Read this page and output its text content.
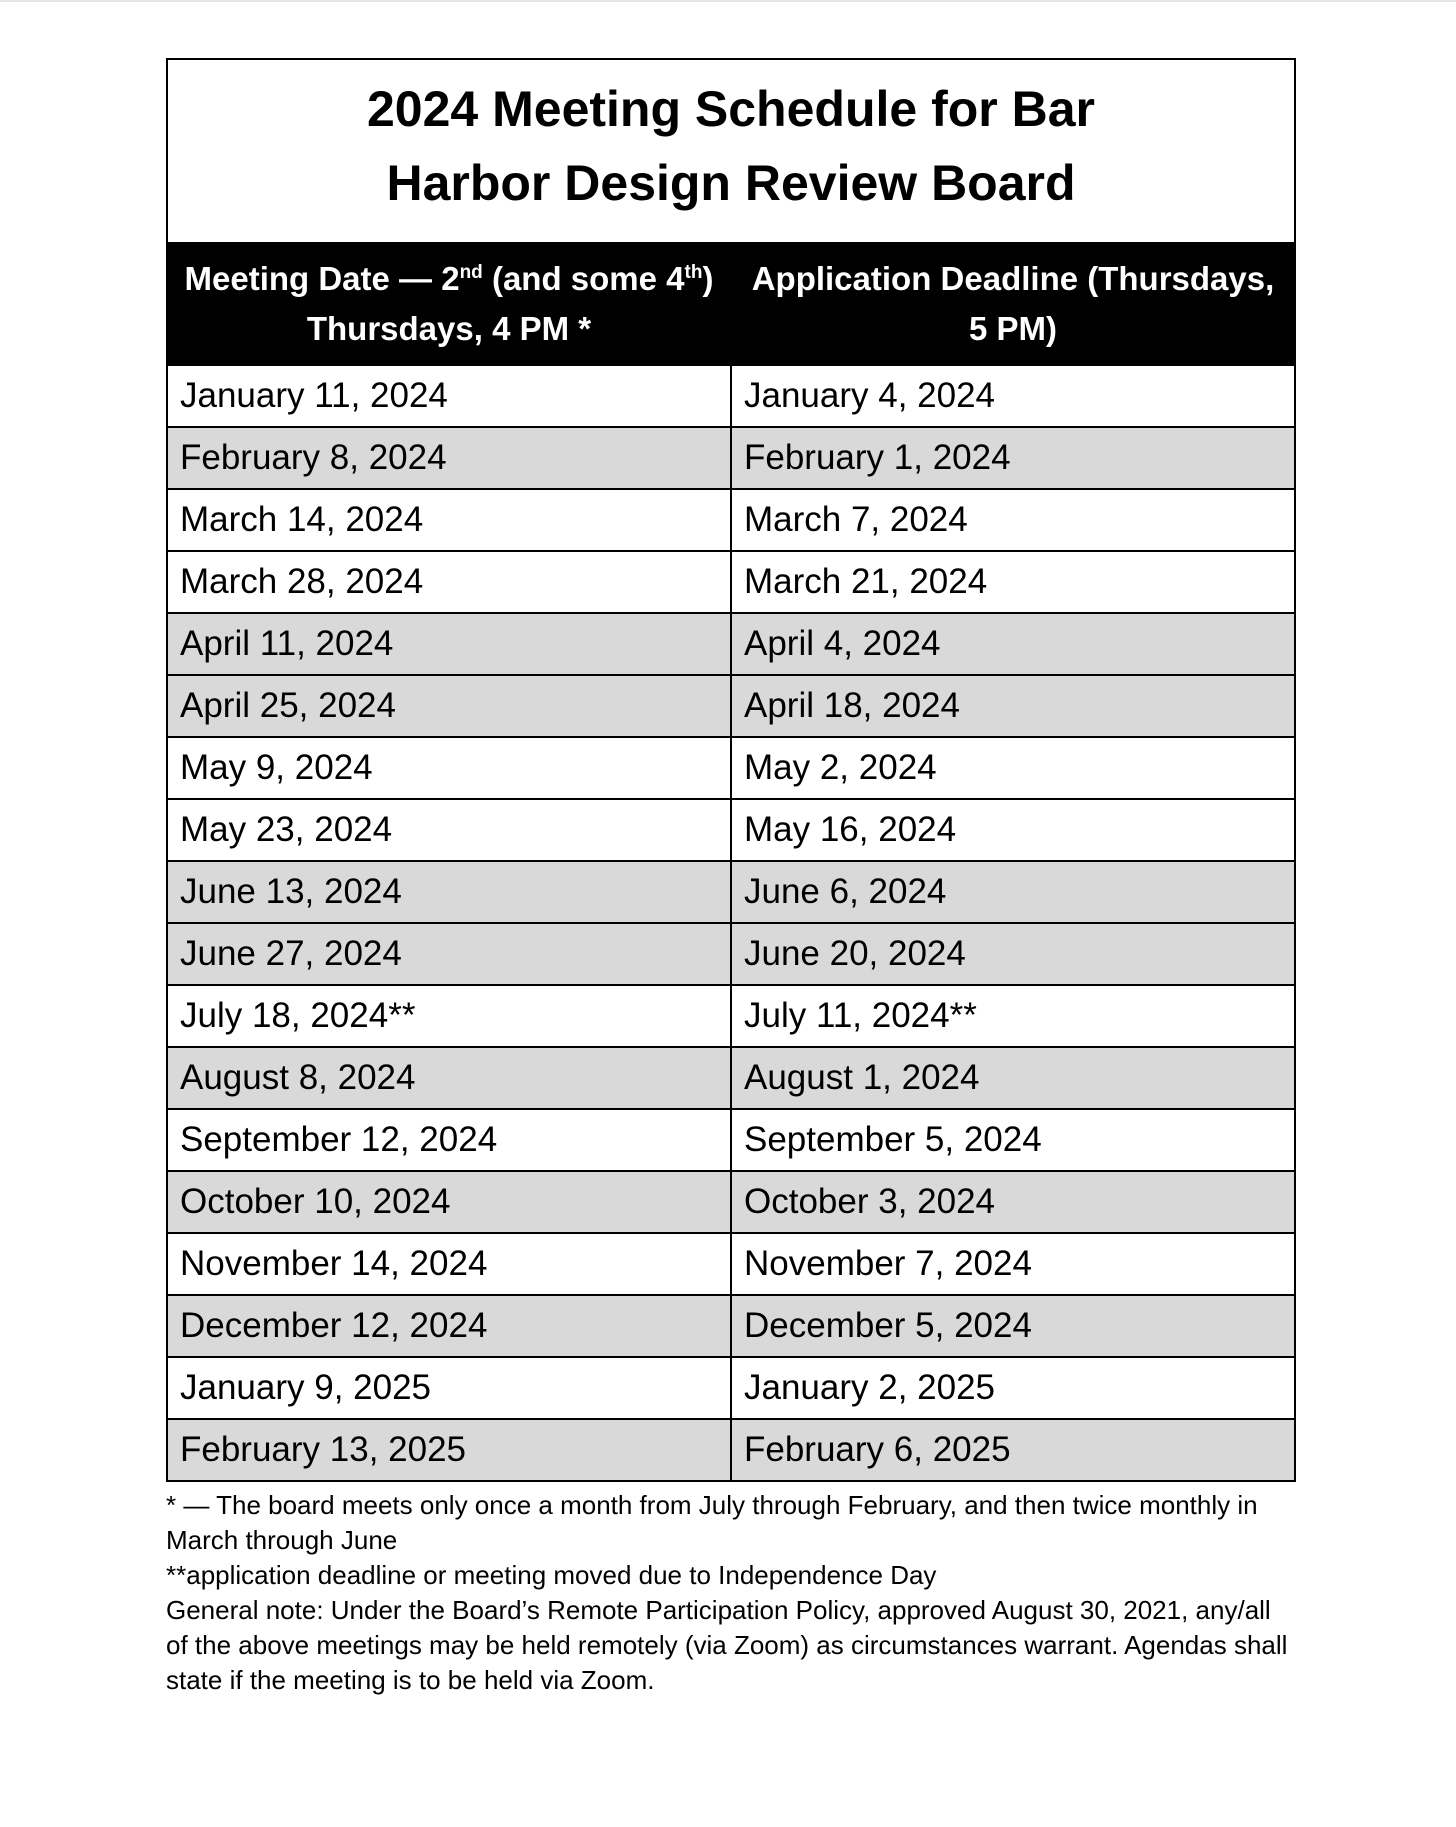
2024 Meeting Schedule for Bar Harbor Design Review Board
Meeting Date — 2nd (and some 4th) Thursdays, 4 PM *	Application Deadline (Thursdays, 5 PM)
January 11, 2024	January 4, 2024
February 8, 2024	February 1, 2024
March 14, 2024	March 7, 2024
March 28, 2024	March 21, 2024
April 11, 2024	April 4, 2024
April 25, 2024	April 18, 2024
May 9, 2024	May 2, 2024
May 23, 2024	May 16, 2024
June 13, 2024	June 6, 2024
June 27, 2024	June 20, 2024
July 18, 2024**	July 11, 2024**
August 8, 2024	August 1, 2024
September 12, 2024	September 5, 2024
October 10, 2024	October 3, 2024
November 14, 2024	November 7, 2024
December 12, 2024	December 5, 2024
January 9, 2025	January 2, 2025
February 13, 2025	February 6, 2025

* — The board meets only once a month from July through February, and then twice monthly in March through June

**application deadline or meeting moved due to Independence Day

General note: Under the Board’s Remote Participation Policy, approved August 30, 2021, any/all of the above meetings may be held remotely (via Zoom) as circumstances warrant. Agendas shall state if the meeting is to be held via Zoom.
